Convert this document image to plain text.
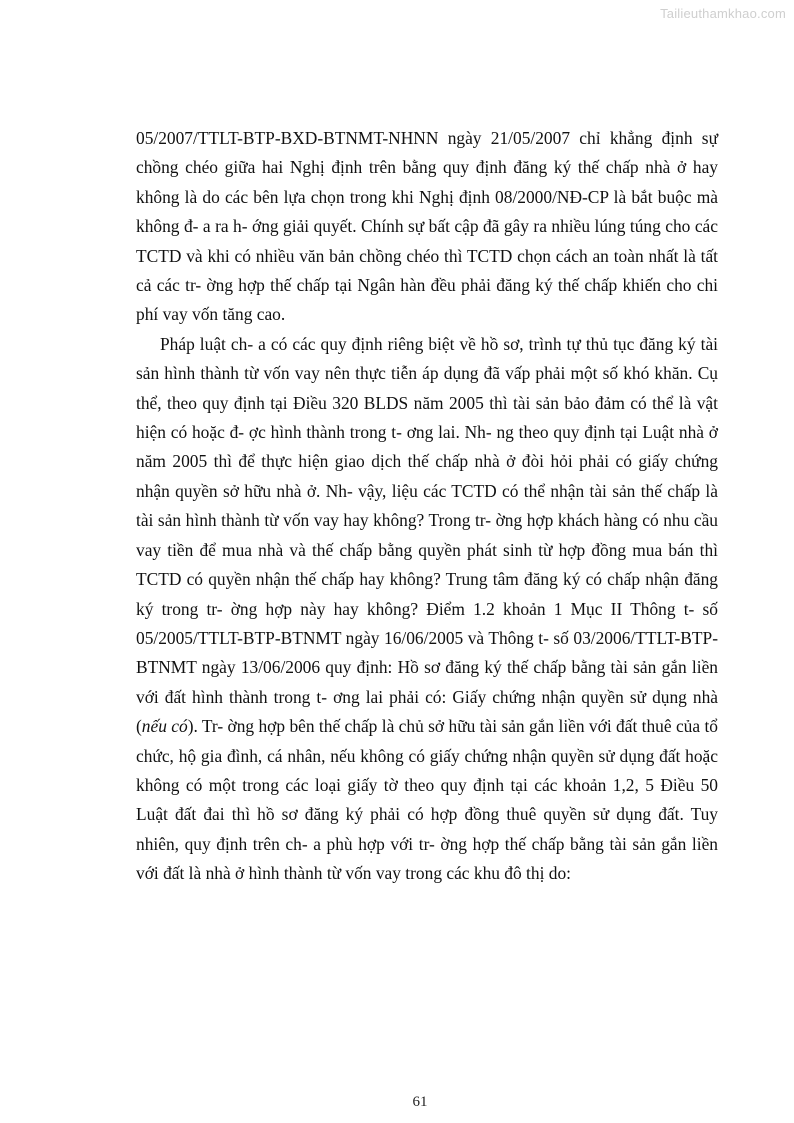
Tailieuthamkhao.com

05/2007/TTLT-BTP-BXD-BTNMT-NHNN ngày 21/05/2007 chỉ khẳng định sự chồng chéo giữa hai Nghị định trên bằng quy định đăng ký thế chấp nhà ở hay không là do các bên lựa chọn trong khi Nghị định 08/2000/NĐ-CP là bắt buộc mà không đ- a ra h- ớng giải quyết. Chính sự bất cập đã gây ra nhiều lúng túng cho các TCTD và khi có nhiều văn bản chồng chéo thì TCTD chọn cách an toàn nhất là tất cả các tr- ờng hợp thế chấp tại Ngân hàn đều phải đăng ký thế chấp khiến cho chi phí vay vốn tăng cao.

Pháp luật ch- a có các quy định riêng biệt về hồ sơ, trình tự thủ tục đăng ký tài sản hình thành từ vốn vay nên thực tiễn áp dụng đã vấp phải một số khó khăn. Cụ thể, theo quy định tại Điều 320 BLDS năm 2005 thì tài sản bảo đảm có thể là vật hiện có hoặc đ- ợc hình thành trong t- ơng lai. Nh- ng theo quy định tại Luật nhà ở năm 2005 thì để thực hiện giao dịch thế chấp nhà ở đòi hỏi phải có giấy chứng nhận quyền sở hữu nhà ở. Nh- vậy, liệu các TCTD có thể nhận tài sản thế chấp là tài sản hình thành từ vốn vay hay không? Trong tr- ờng hợp khách hàng có nhu cầu vay tiền để mua nhà và thế chấp bằng quyền phát sinh từ hợp đồng mua bán thì TCTD có quyền nhận thế chấp hay không? Trung tâm đăng ký có chấp nhận đăng ký trong tr- ờng hợp này hay không? Điểm 1.2 khoản 1 Mục II Thông t- số 05/2005/TTLT-BTP-BTNMT ngày 16/06/2005 và Thông t- số 03/2006/TTLT-BTP- BTNMT ngày 13/06/2006 quy định: Hồ sơ đăng ký thế chấp bằng tài sản gắn liền với đất hình thành trong t- ơng lai phải có: Giấy chứng nhận quyền sử dụng nhà (nếu có). Tr- ờng hợp bên thế chấp là chủ sở hữu tài sản gắn liền với đất thuê của tổ chức, hộ gia đình, cá nhân, nếu không có giấy chứng nhận quyền sử dụng đất hoặc không có một trong các loại giấy tờ theo quy định tại các khoản 1,2, 5 Điều 50 Luật đất đai thì hồ sơ đăng ký phải có hợp đồng thuê quyền sử dụng đất. Tuy nhiên, quy định trên ch- a phù hợp với tr- ờng hợp thế chấp bằng tài sản gắn liền với đất là nhà ở hình thành từ vốn vay trong các khu đô thị do:

61
